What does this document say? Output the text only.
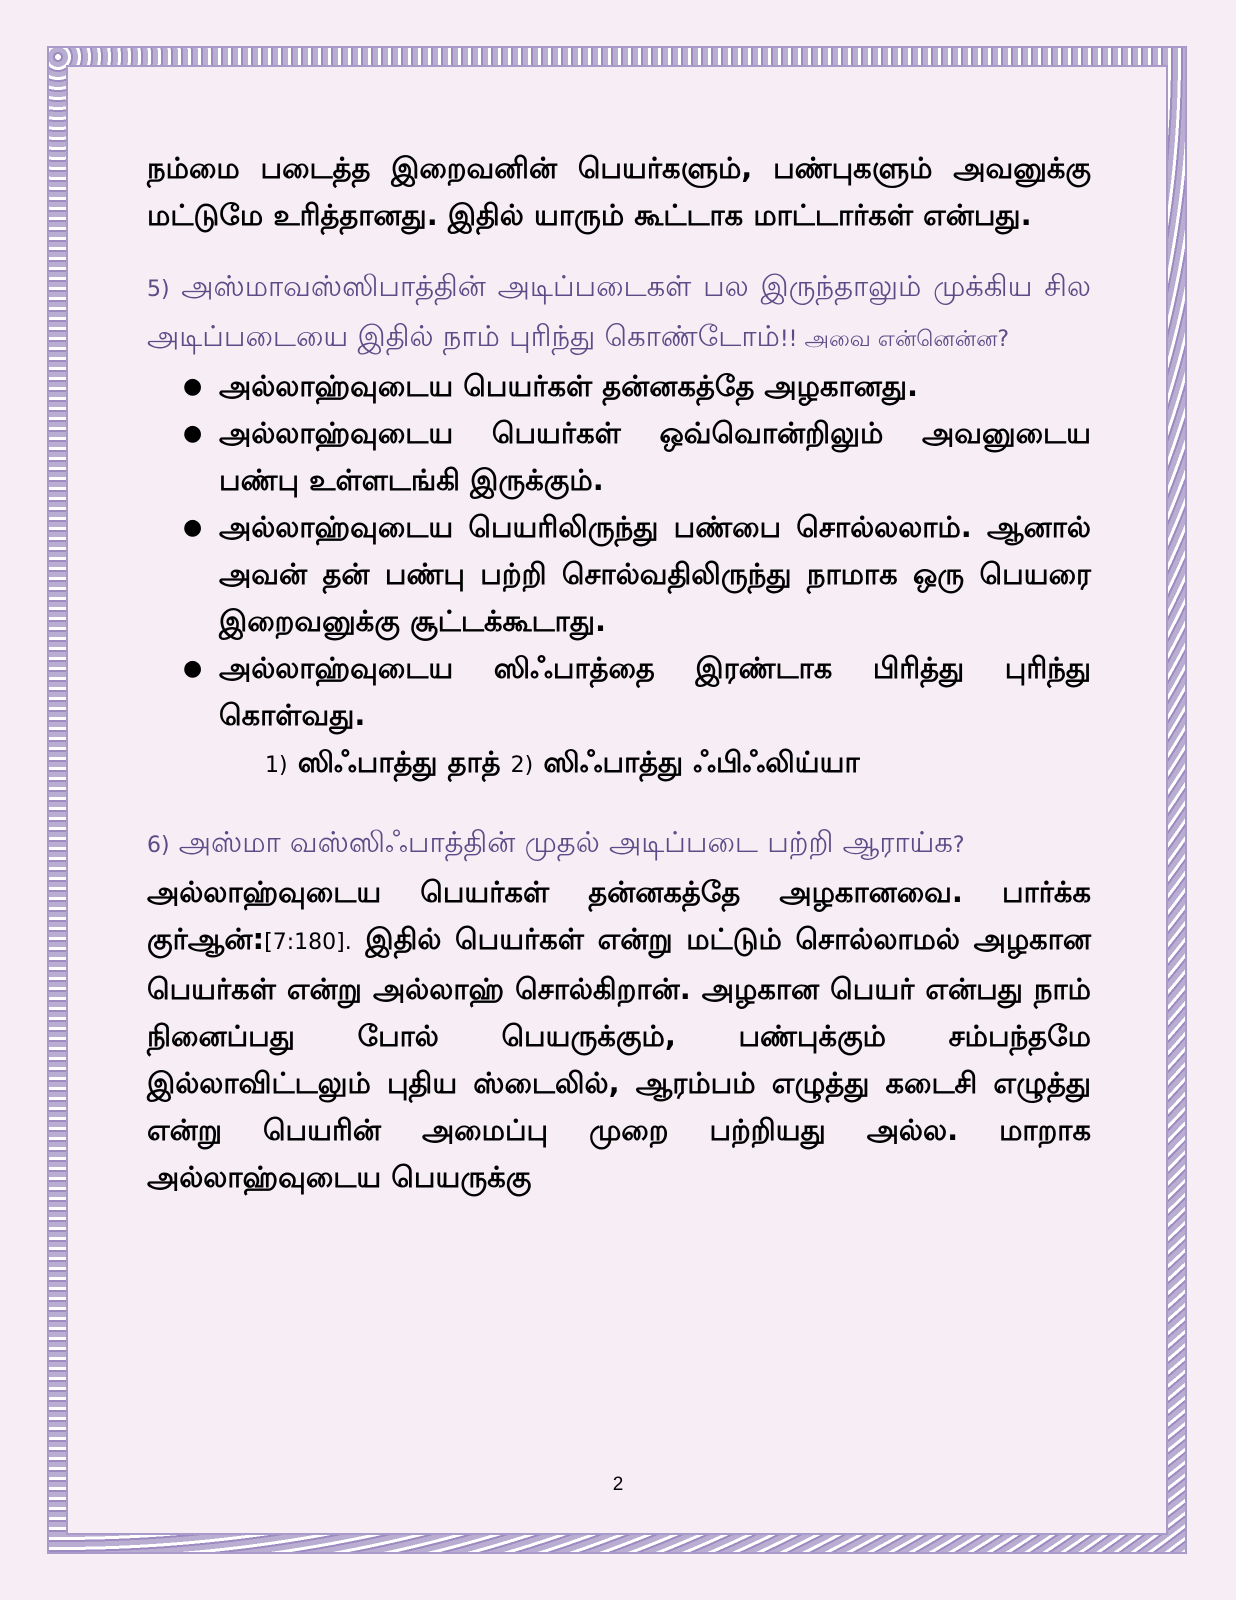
நம்மை படைத்த இறைவனின் பெயர்களும், பண்புகளும் அவனுக்கு மட்டுமே உரித்தானது. இதில் யாரும் கூட்டாக மாட்டார்கள் என்பது.

5) அஸ்மாவஸ்ஸிபாத்தின் அடிப்படைகள் பல இருந்தாலும் முக்கிய சில அடிப்படையை இதில் நாம் புரிந்து கொண்டோம்!! அவை என்னென்ன?

● அல்லாஹ்வுடைய பெயர்கள் தன்னகத்தே அழகானது.
● அல்லாஹ்வுடைய பெயர்கள் ஒவ்வொன்றிலும் அவனுடைய பண்பு உள்ளடங்கி இருக்கும்.
● அல்லாஹ்வுடைய பெயரிலிருந்து பண்பை சொல்லலாம். ஆனால் அவன் தன் பண்பு பற்றி சொல்வதிலிருந்து நாமாக ஒரு பெயரை இறைவனுக்கு சூட்டக்கூடாது.
● அல்லாஹ்வுடைய ஸிஃபாத்தை இரண்டாக பிரித்து புரிந்து கொள்வது.

1) ஸிஃபாத்து தாத் 2) ஸிஃபாத்து ஃபிஃலிய்யா

6) அஸ்மா வஸ்ஸிஃபாத்தின் முதல் அடிப்படை பற்றி ஆராய்க?

அல்லாஹ்வுடைய பெயர்கள் தன்னகத்தே அழகானவை. பார்க்க குர்ஆன்:[7:180]. இதில் பெயர்கள் என்று மட்டும் சொல்லாமல் அழகான பெயர்கள் என்று அல்லாஹ் சொல்கிறான். அழகான பெயர் என்பது நாம் நினைப்பது போல் பெயருக்கும், பண்புக்கும் சம்பந்தமே இல்லாவிட்டலும் புதிய ஸ்டைலில், ஆரம்பம் எழுத்து கடைசி எழுத்து என்று பெயரின் அமைப்பு முறை பற்றியது அல்ல. மாறாக அல்லாஹ்வுடைய பெயருக்கு

2
